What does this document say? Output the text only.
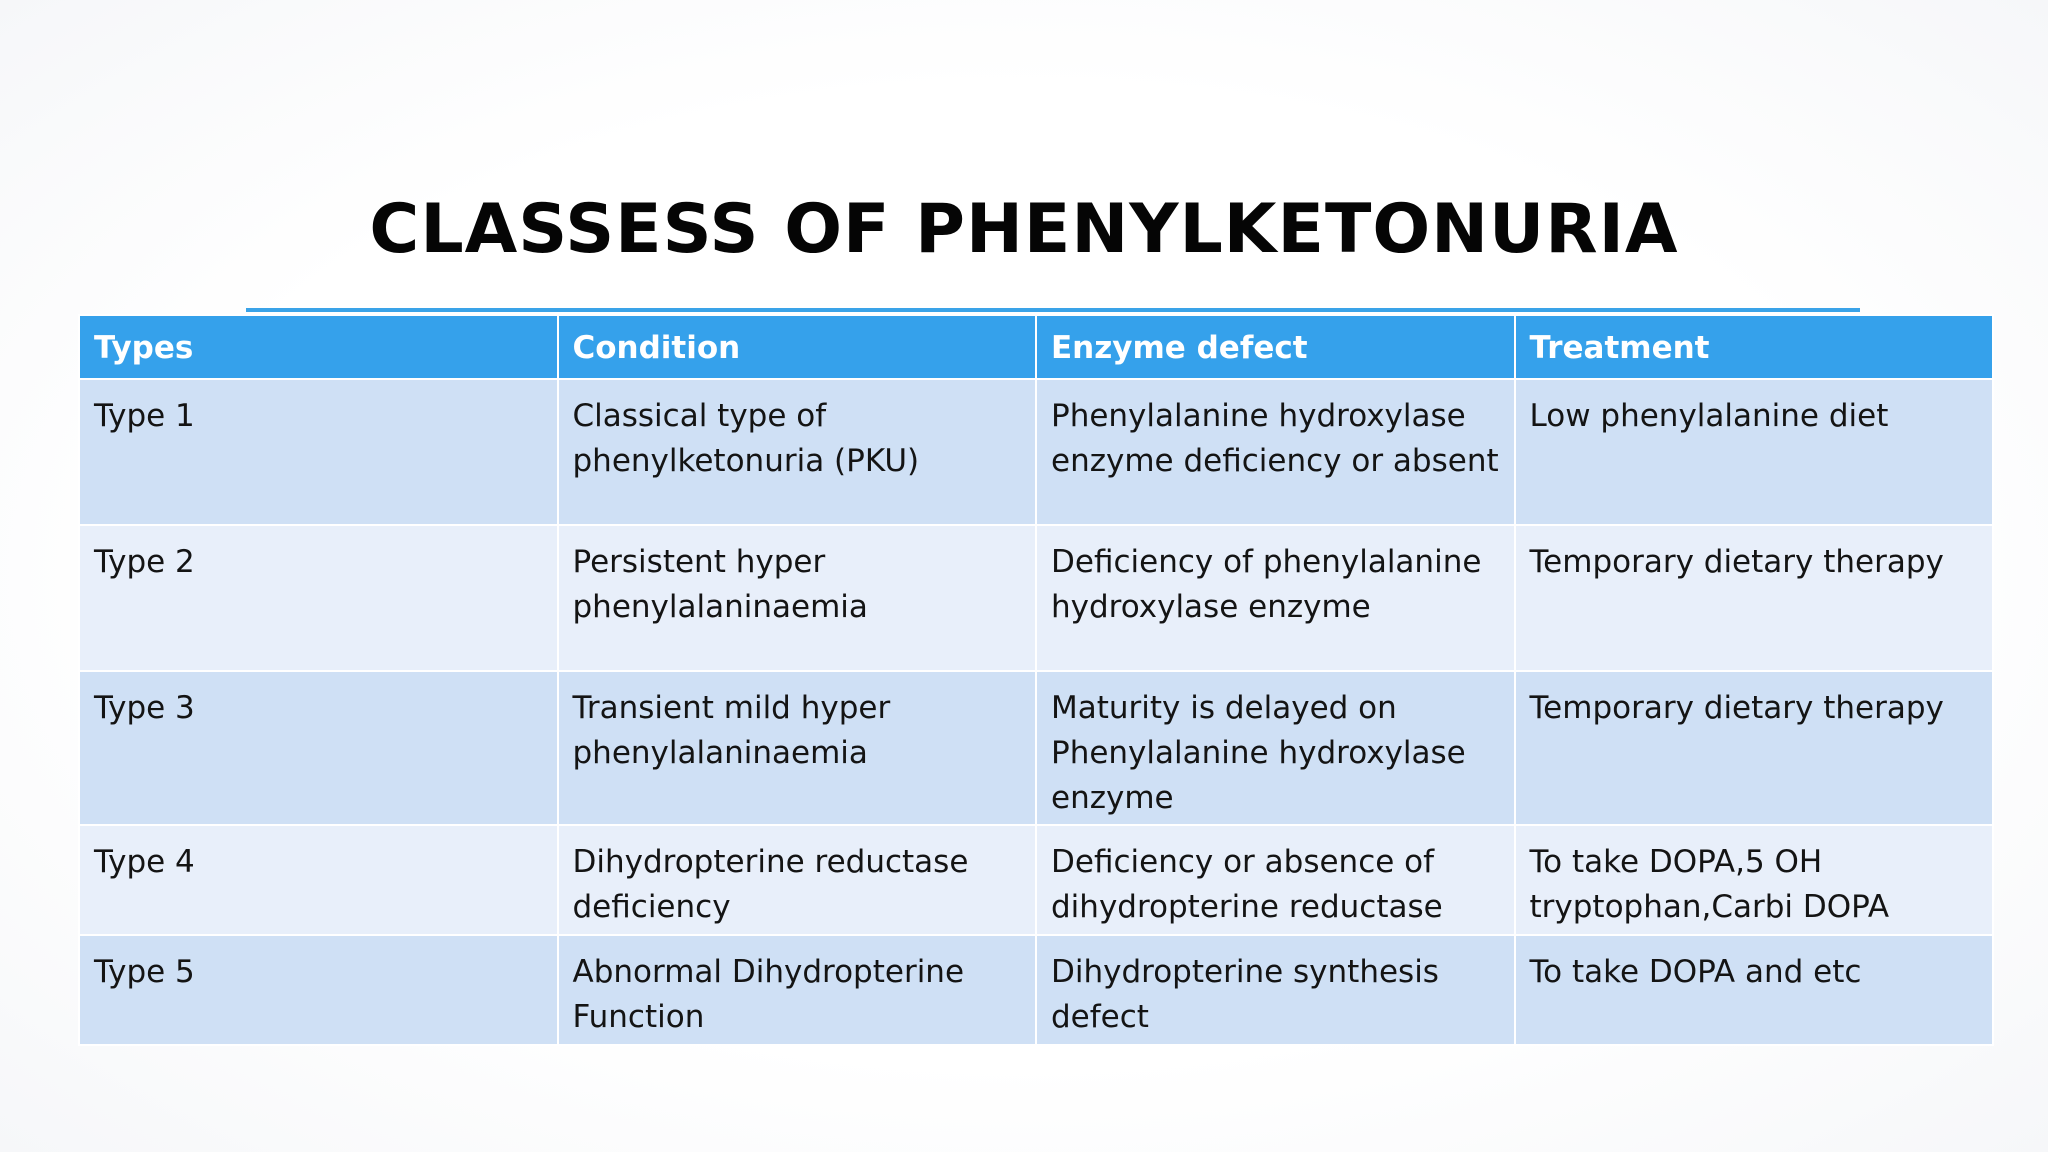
CLASSESS OF PHENYLKETONURIA
Types	Condition	Enzyme defect	Treatment
Type 1	Classical type of phenylketonuria (PKU)	Phenylalanine hydroxylase enzyme deficiency or absent	Low phenylalanine diet
Type 2	Persistent hyper phenylalaninaemia	Deficiency of phenylalanine hydroxylase enzyme	Temporary dietary therapy
Type 3	Transient mild hyper phenylalaninaemia	Maturity is delayed on Phenylalanine hydroxylase enzyme	Temporary dietary therapy
Type 4	Dihydropterine reductase deficiency	Deficiency or absence of dihydropterine reductase	To take DOPA,5 OH tryptophan,Carbi DOPA
Type 5	Abnormal Dihydropterine Function	Dihydropterine synthesis defect	To take DOPA and etc
